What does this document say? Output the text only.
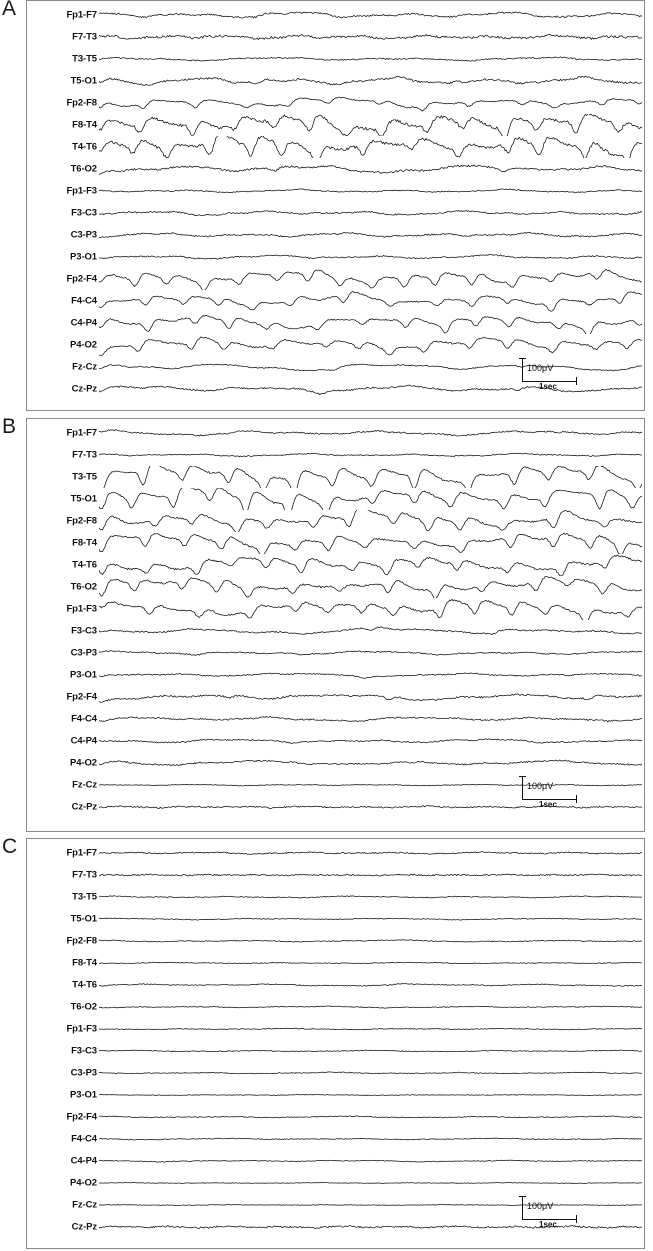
A	Fp1-F7
F7-T3
T3-T5
T5-O1
Fp2-F8
F8-T4
T4-T6
T6-O2
Fp1-F3
F3-C3
C3-P3
P3-O1
Fp2-F4
F4-C4
C4-P4
P4-O2
Fz-Cz
Cz-Pz
100μV
1sec
B	Fp1-F7
F7-T3
T3-T5
T5-O1
Fp2-F8
F8-T4
T4-T6
T6-O2
Fp1-F3
F3-C3
C3-P3
P3-O1
Fp2-F4
F4-C4
C4-P4
P4-O2
Fz-Cz
Cz-Pz
100μV
1sec
C	Fp1-F7
F7-T3
T3-T5
T5-O1
Fp2-F8
F8-T4
T4-T6
T6-O2
Fp1-F3
F3-C3
C3-P3
P3-O1
Fp2-F4
F4-C4
C4-P4
P4-O2
Fz-Cz
Cz-Pz
100μV
1sec
